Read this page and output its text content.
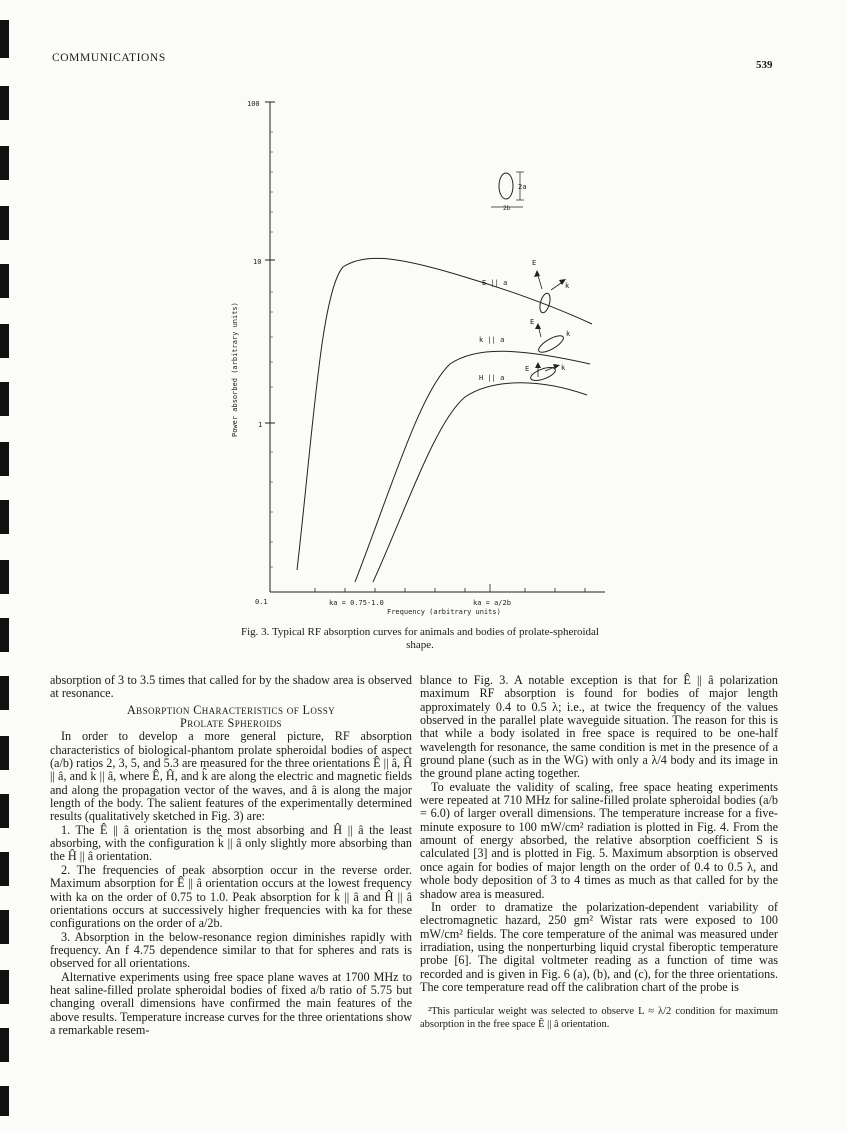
COMMUNICATIONS
539
100
10
1
0.1	ka = 0.75-1.0	ka = a/2b
Frequency (arbitrary units)
Power absorbed (arbitrary units)
E || a
k || a
H || a
2a
2b
E
k
E
k
E	k
Fig. 3. Typical RF absorption curves for animals and bodies of prolate-spheroidal shape.

absorption of 3 to 3.5 times that called for by the shadow area is observed at resonance.

Absorption Characteristics of Lossy

Prolate Spheroids

In order to develop a more general picture, RF absorption characteristics of biological-phantom prolate spheroidal bodies of aspect (a/b) ratios 2, 3, 5, and 5.3 are measured for the three orientations Ê || â, Ĥ || â, and k̂ || â, where Ê, Ĥ, and k̂ are along the electric and magnetic fields and along the propagation vector of the waves, and â is along the major length of the body. The salient features of the experimentally determined results (qualitatively sketched in Fig. 3) are:

1. The Ê || â orientation is the most absorbing and Ĥ || â the least absorbing, with the configuration k̂ || â only slightly more absorbing than the Ĥ || â orientation.

2. The frequencies of peak absorption occur in the reverse order. Maximum absorption for Ê || â orientation occurs at the lowest frequency with ka on the order of 0.75 to 1.0. Peak absorption for k̂ || â and Ĥ || â orientations occurs at successively higher frequencies with ka for these configurations on the order of a/2b.

3. Absorption in the below-resonance region diminishes rapidly with frequency. An f 4.75 dependence similar to that for spheres and rats is observed for all orientations.

Alternative experiments using free space plane waves at 1700 MHz to heat saline-filled prolate spheroidal bodies of fixed a/b ratio of 5.75 but changing overall dimensions have confirmed the main features of the above results. Temperature increase curves for the three orientations show a remarkable resem-

blance to Fig. 3. A notable exception is that for Ê || â polarization maximum RF absorption is found for bodies of major length approximately 0.4 to 0.5 λ; i.e., at twice the frequency of the values observed in the parallel plate waveguide situation. The reason for this is that while a body isolated in free space is required to be one-half wavelength for resonance, the same condition is met in the presence of a ground plane (such as in the WG) with only a λ/4 body and its image in the ground plane acting together.

To evaluate the validity of scaling, free space heating experiments were repeated at 710 MHz for saline-filled prolate spheroidal bodies (a/b = 6.0) of larger overall dimensions. The temperature increase for a five-minute exposure to 100 mW/cm² radiation is plotted in Fig. 4. From the amount of energy absorbed, the relative absorption coefficient S is calculated [3] and is plotted in Fig. 5. Maximum absorption is observed once again for bodies of major length on the order of 0.4 to 0.5 λ, and whole body deposition of 3 to 4 times as much as that called for by the shadow area is measured.

In order to dramatize the polarization-dependent variability of electromagnetic hazard, 250 gm² Wistar rats were exposed to 100 mW/cm² fields. The core temperature of the animal was measured under irradiation, using the nonperturbing liquid crystal fiberoptic temperature probe [6]. The digital voltmeter reading as a function of time was recorded and is given in Fig. 6 (a), (b), and (c), for the three orientations. The core temperature read off the calibration chart of the probe is

²This particular weight was selected to observe L ≈ λ/2 condition for maximum absorption in the free space Ê || â orientation.
